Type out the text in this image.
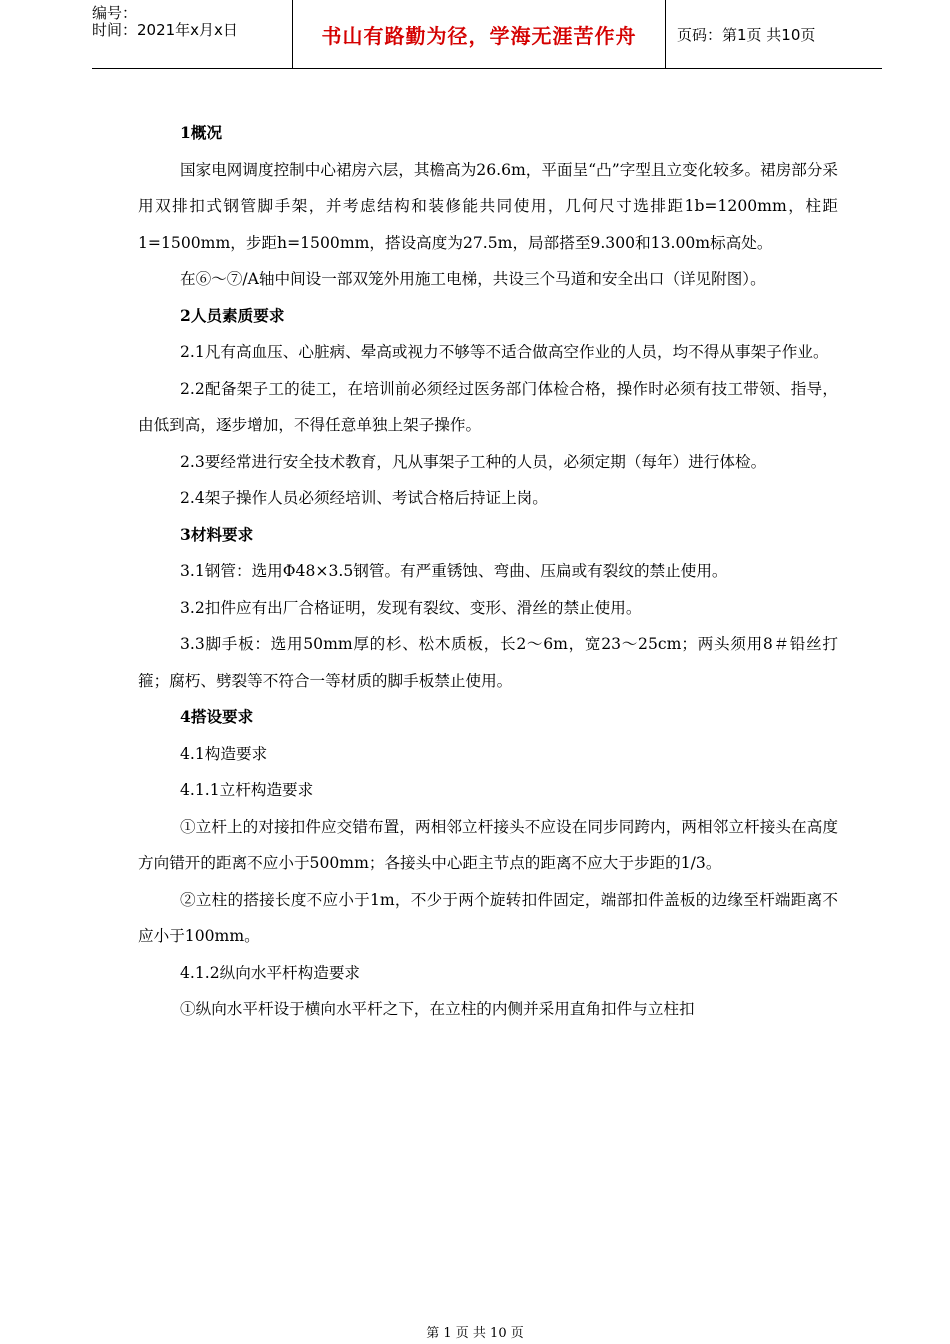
编号：
时间：2021年x月x日	书山有路勤为径，学海无涯苦作舟	页码：第1页 共10页

1概况

国家电网调度控制中心裙房六层，其檐高为26.6m，平面呈“凸”字型且立变化较多。裙房部分采用双排扣式钢管脚手架，并考虑结构和装修能共同使用，几何尺寸选排距1b=1200mm，柱距1=1500mm，步距h=1500mm，搭设高度为27.5m，局部搭至9.300和13.00m标高处。

在⑥～⑦/A轴中间设一部双笼外用施工电梯，共设三个马道和安全出口（详见附图）。

2人员素质要求

2.1凡有高血压、心脏病、晕高或视力不够等不适合做高空作业的人员，均不得从事架子作业。

2.2配备架子工的徒工，在培训前必须经过医务部门体检合格，操作时必须有技工带领、指导，由低到高，逐步增加，不得任意单独上架子操作。

2.3要经常进行安全技术教育，凡从事架子工种的人员，必须定期（每年）进行体检。

2.4架子操作人员必须经培训、考试合格后持证上岗。

3材料要求

3.1钢管：选用Φ48×3.5钢管。有严重锈蚀、弯曲、压扁或有裂纹的禁止使用。

3.2扣件应有出厂合格证明，发现有裂纹、变形、滑丝的禁止使用。

3.3脚手板：选用50mm厚的杉、松木质板，长2～6m，宽23～25cm；两头须用8＃铅丝打箍；腐朽、劈裂等不符合一等材质的脚手板禁止使用。

4搭设要求

4.1构造要求

4.1.1立杆构造要求

①立杆上的对接扣件应交错布置，两相邻立杆接头不应设在同步同跨内，两相邻立杆接头在高度方向错开的距离不应小于500mm；各接头中心距主节点的距离不应大于步距的1/3。

②立柱的搭接长度不应小于1m，不少于两个旋转扣件固定，端部扣件盖板的边缘至杆端距离不应小于100mm。

4.1.2纵向水平杆构造要求

①纵向水平杆设于横向水平杆之下，在立柱的内侧并采用直角扣件与立柱扣

第 1 页 共 10 页
